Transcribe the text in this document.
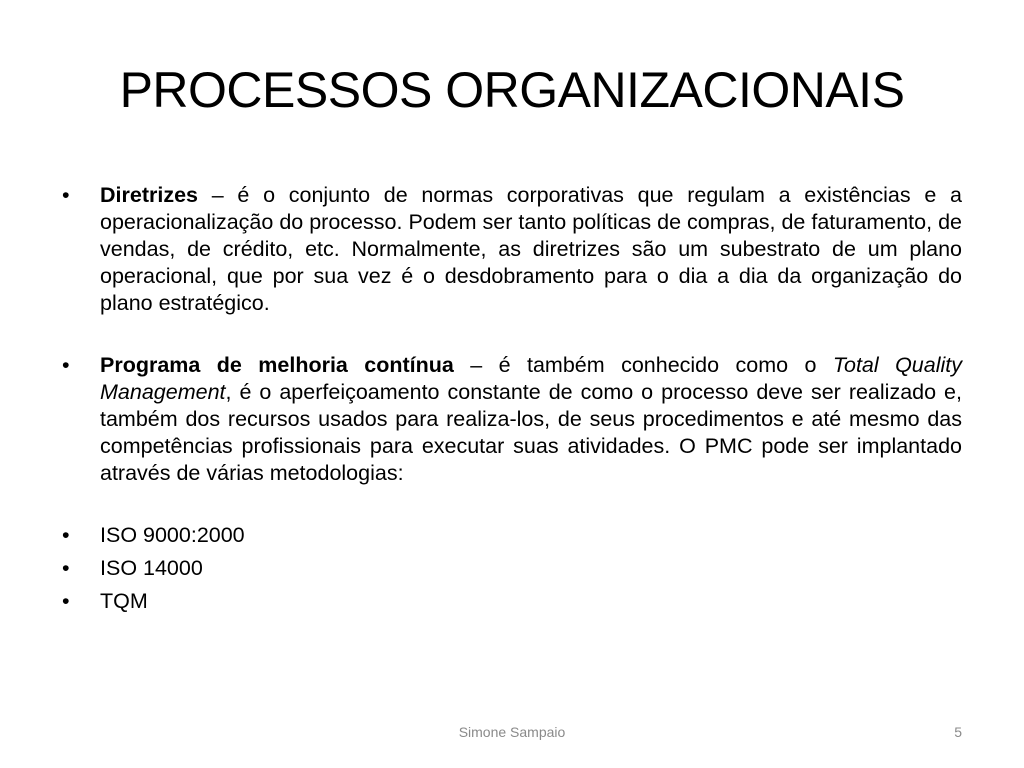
PROCESSOS ORGANIZACIONAIS
•	Diretrizes – é o conjunto de normas corporativas que regulam a existências e a operacionalização do processo. Podem ser tanto políticas de compras, de faturamento, de vendas, de crédito, etc. Normalmente, as diretrizes são um subestrato de um plano operacional, que por sua vez é o desdobramento para o dia a dia da organização do plano estratégico.
•	Programa de melhoria contínua – é também conhecido como o Total Quality Management, é o aperfeiçoamento constante de como o processo deve ser realizado e, também dos recursos usados para realiza-los, de seus procedimentos e até mesmo das competências profissionais para executar suas atividades. O PMC pode ser implantado através de várias metodologias:
•	ISO 9000:2000
•	ISO 14000
•	TQM
Simone Sampaio	5
